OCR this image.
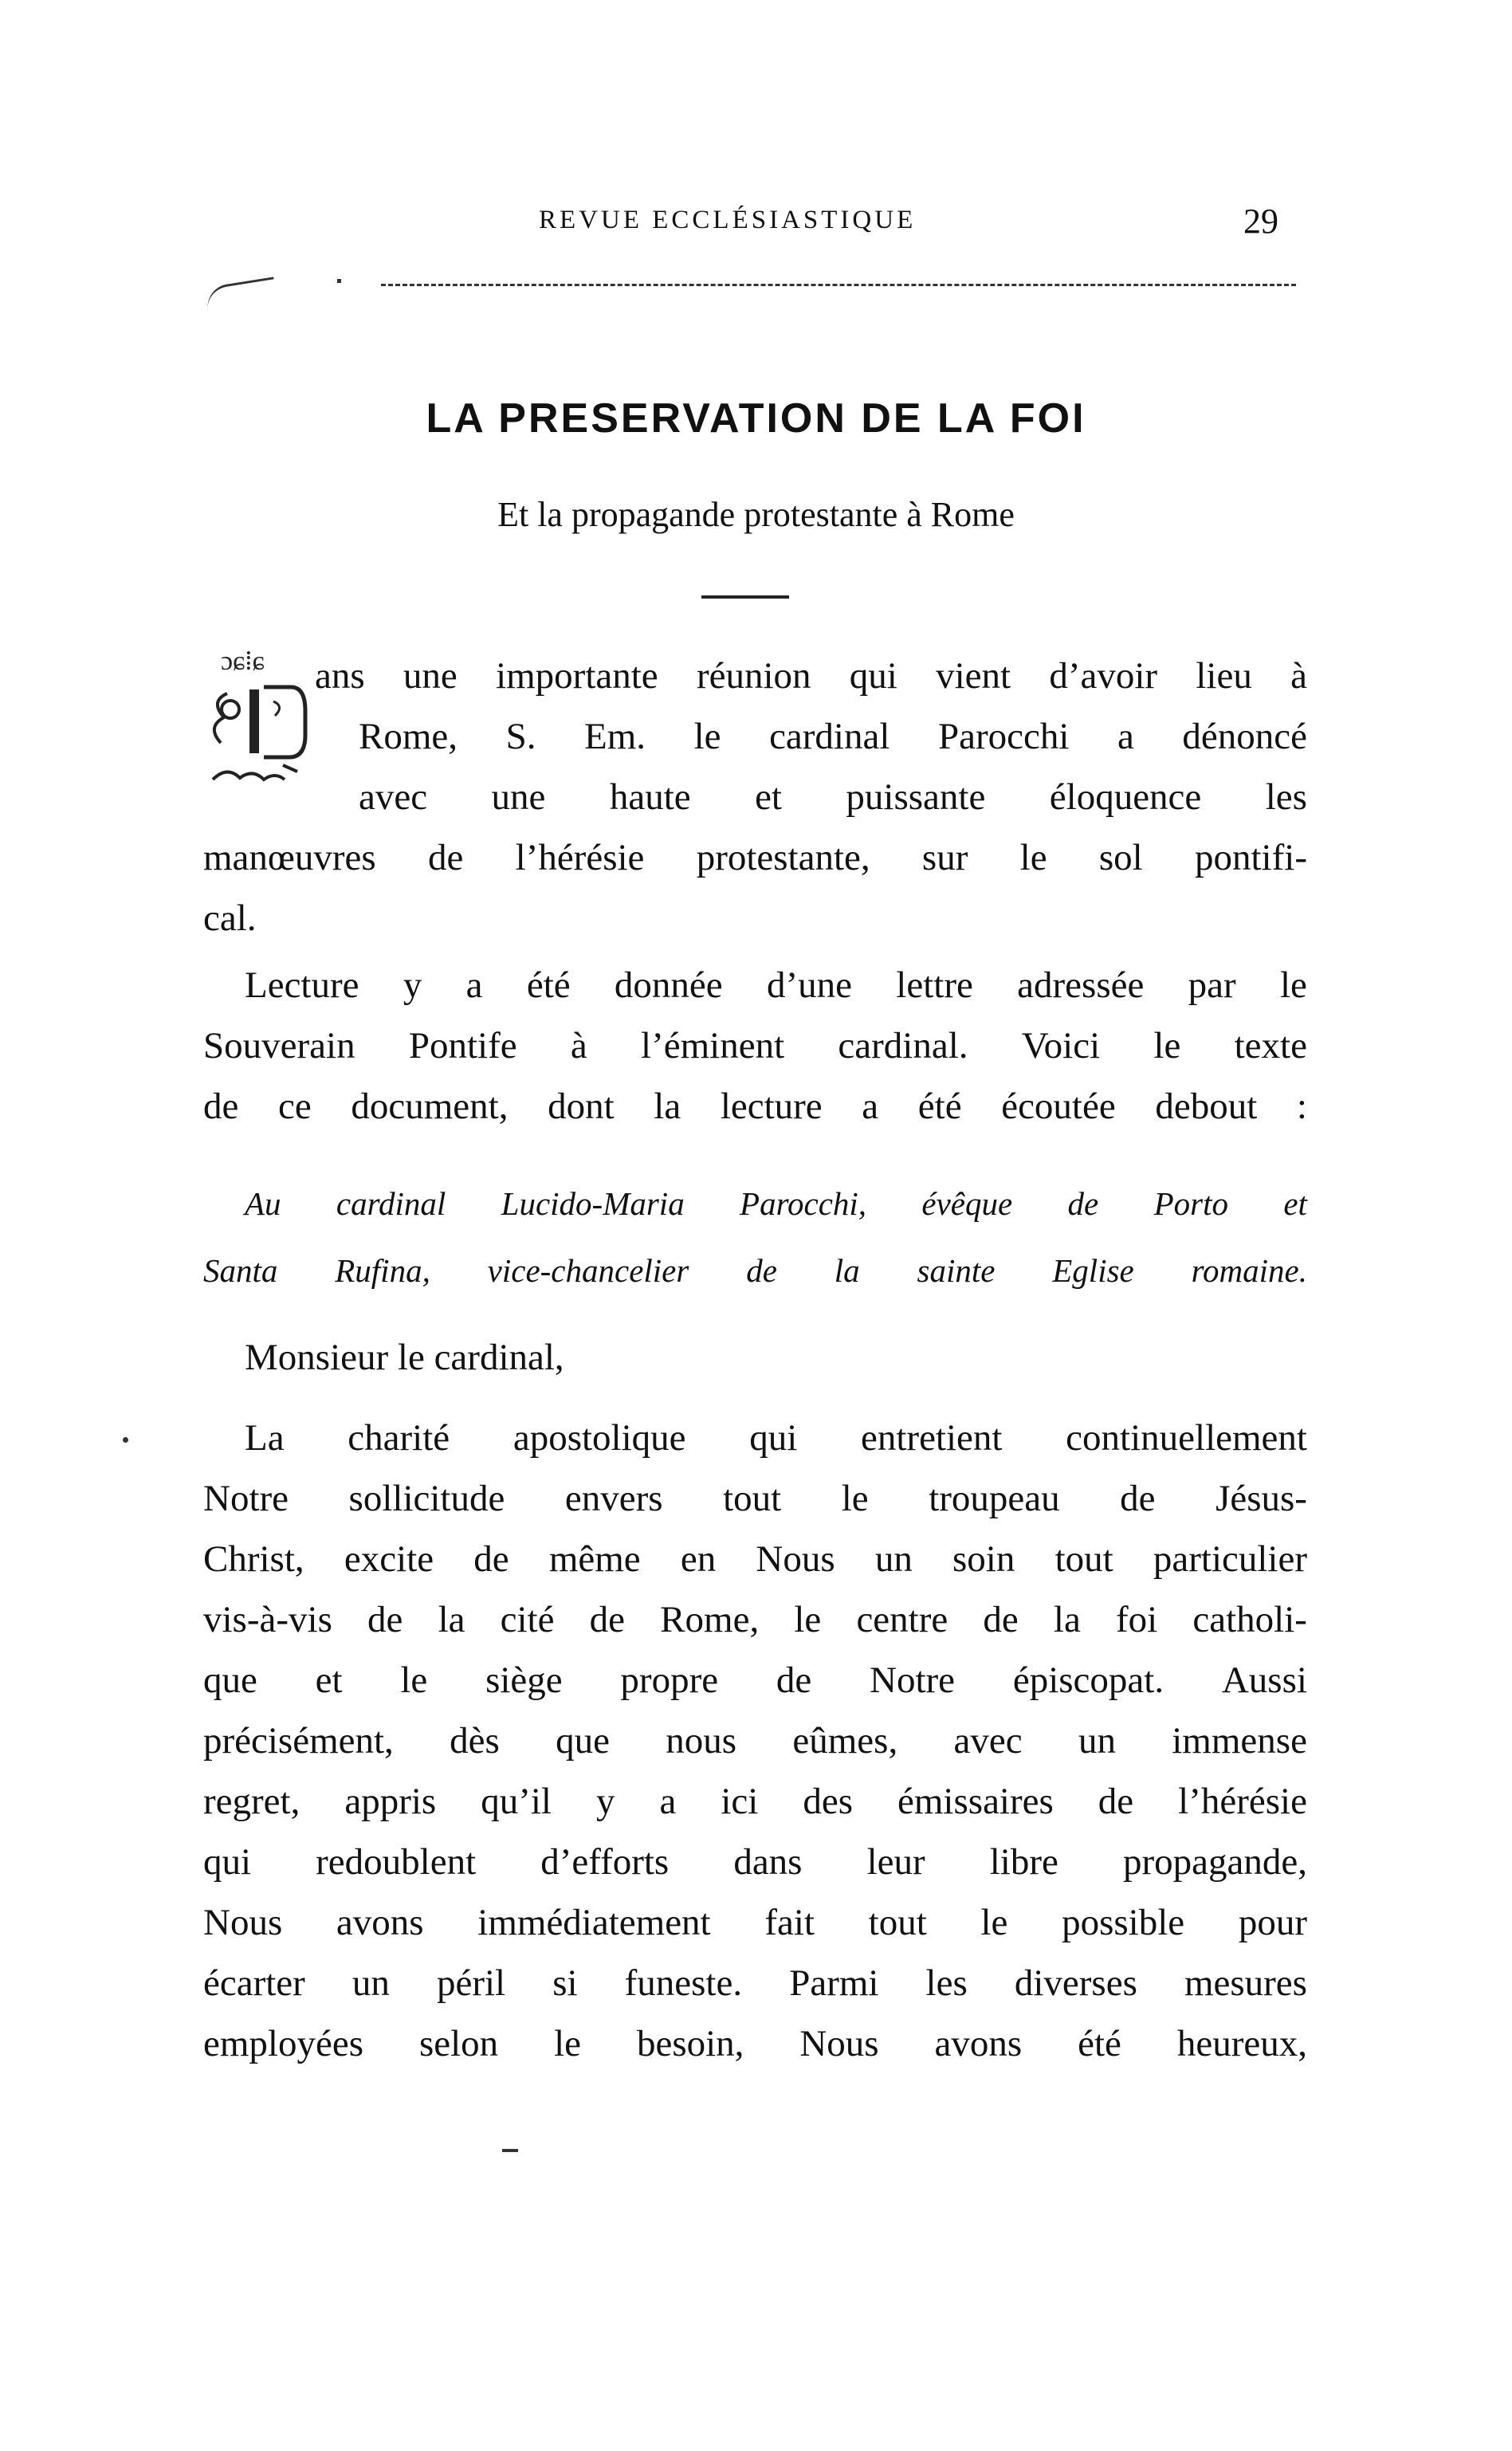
REVUE ECCLÉSIASTIQUE	29
LA PRESERVATION DE LA FOI
Et la propagande protestante à Rome
ɔɕ⁞ɕ ans une importante réunion qui vient d’avoir lieu à
Rome, S. Em. le cardinal Parocchi a dénoncé
avec une haute et puissante éloquence les
manœuvres de l’hérésie protestante, sur le sol pontifi-
cal.
Lecture y a été donnée d’une lettre adressée par le
Souverain Pontife à l’éminent cardinal. Voici le texte
de ce document, dont la lecture a été écoutée debout :
Au cardinal Lucido-Maria Parocchi, évêque de Porto et
Santa Rufina, vice-chancelier de la sainte Eglise romaine.
Monsieur le cardinal,
La charité apostolique qui entretient continuellement
Notre sollicitude envers tout le troupeau de Jésus-
Christ, excite de même en Nous un soin tout particulier
vis-à-vis de la cité de Rome, le centre de la foi catholi-
que et le siège propre de Notre épiscopat. Aussi
précisément, dès que nous eûmes, avec un immense
regret, appris qu’il y a ici des émissaires de l’hérésie
qui redoublent d’efforts dans leur libre propagande,
Nous avons immédiatement fait tout le possible pour
écarter un péril si funeste. Parmi les diverses mesures
employées selon le besoin, Nous avons été heureux,
